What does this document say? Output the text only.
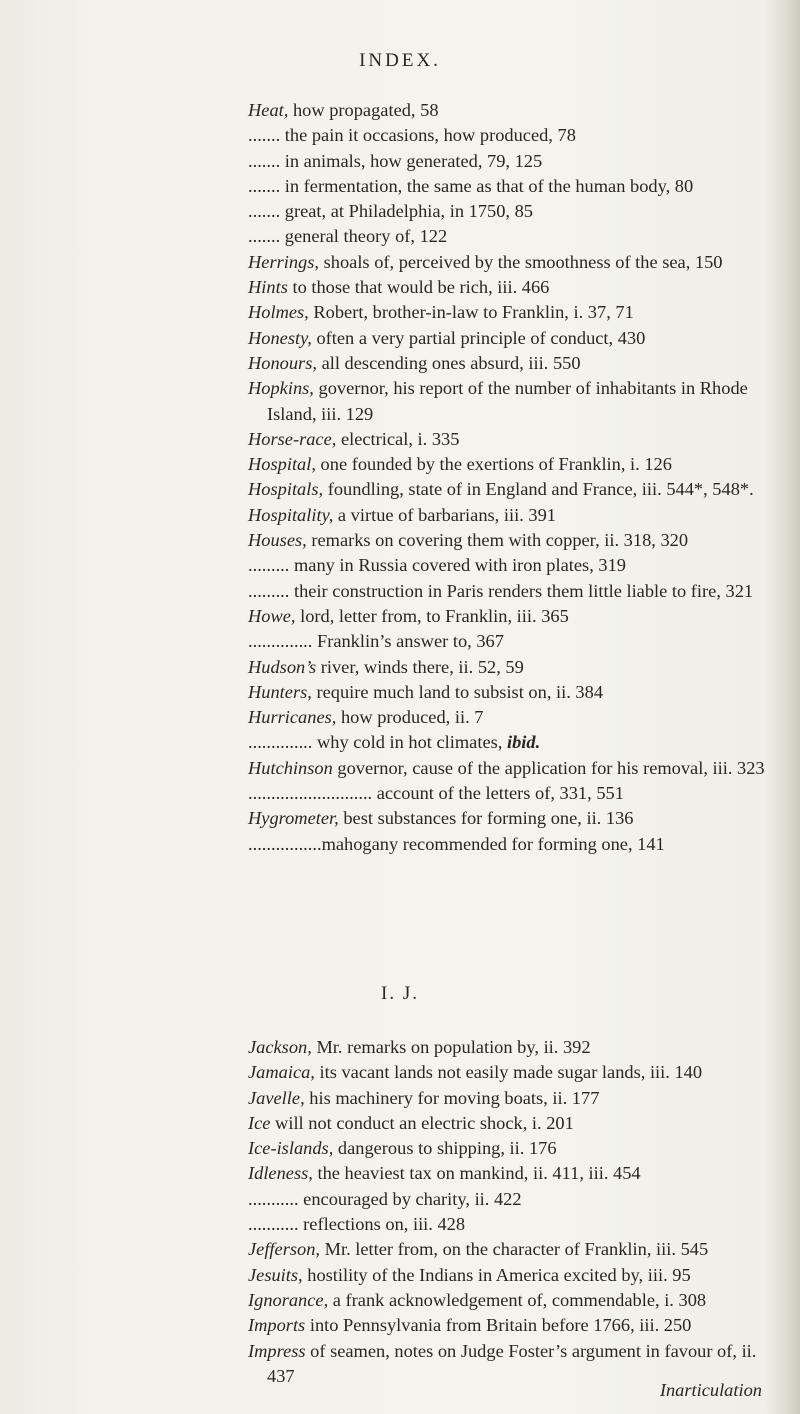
INDEX.
Heat, how propagated, 58
....... the pain it occasions, how produced, 78
....... in animals, how generated, 79, 125
....... in fermentation, the same as that of the human body, 80
....... great, at Philadelphia, in 1750, 85
....... general theory of, 122
Herrings, shoals of, perceived by the smoothness of the sea, 150
Hints to those that would be rich, iii. 466
Holmes, Robert, brother-in-law to Franklin, i. 37, 71
Honesty, often a very partial principle of conduct, 430
Honours, all descending ones absurd, iii. 550
Hopkins, governor, his report of the number of inhabitants in Rhode Island, iii. 129
Horse-race, electrical, i. 335
Hospital, one founded by the exertions of Franklin, i. 126
Hospitals, foundling, state of in England and France, iii. 544*, 548*.
Hospitality, a virtue of barbarians, iii. 391
Houses, remarks on covering them with copper, ii. 318, 320
......... many in Russia covered with iron plates, 319
......... their construction in Paris renders them little liable to fire, 321
Howe, lord, letter from, to Franklin, iii. 365
.............. Franklin’s answer to, 367
Hudson’s river, winds there, ii. 52, 59
Hunters, require much land to subsist on, ii. 384
Hurricanes, how produced, ii. 7
.............. why cold in hot climates, ibid.
Hutchinson governor, cause of the application for his removal, iii. 323
........................... account of the letters of, 331, 551
Hygrometer, best substances for forming one, ii. 136
................mahogany recommended for forming one, 141
I. J.
Jackson, Mr. remarks on population by, ii. 392
Jamaica, its vacant lands not easily made sugar lands, iii. 140
Javelle, his machinery for moving boats, ii. 177
Ice will not conduct an electric shock, i. 201
Ice-islands, dangerous to shipping, ii. 176
Idleness, the heaviest tax on mankind, ii. 411, iii. 454
........... encouraged by charity, ii. 422
........... reflections on, iii. 428
Jefferson, Mr. letter from, on the character of Franklin, iii. 545
Jesuits, hostility of the Indians in America excited by, iii. 95
Ignorance, a frank acknowledgement of, commendable, i. 308
Imports into Pennsylvania from Britain before 1766, iii. 250
Impress of seamen, notes on Judge Foster’s argument in favour of, ii. 437
Inarticulation
